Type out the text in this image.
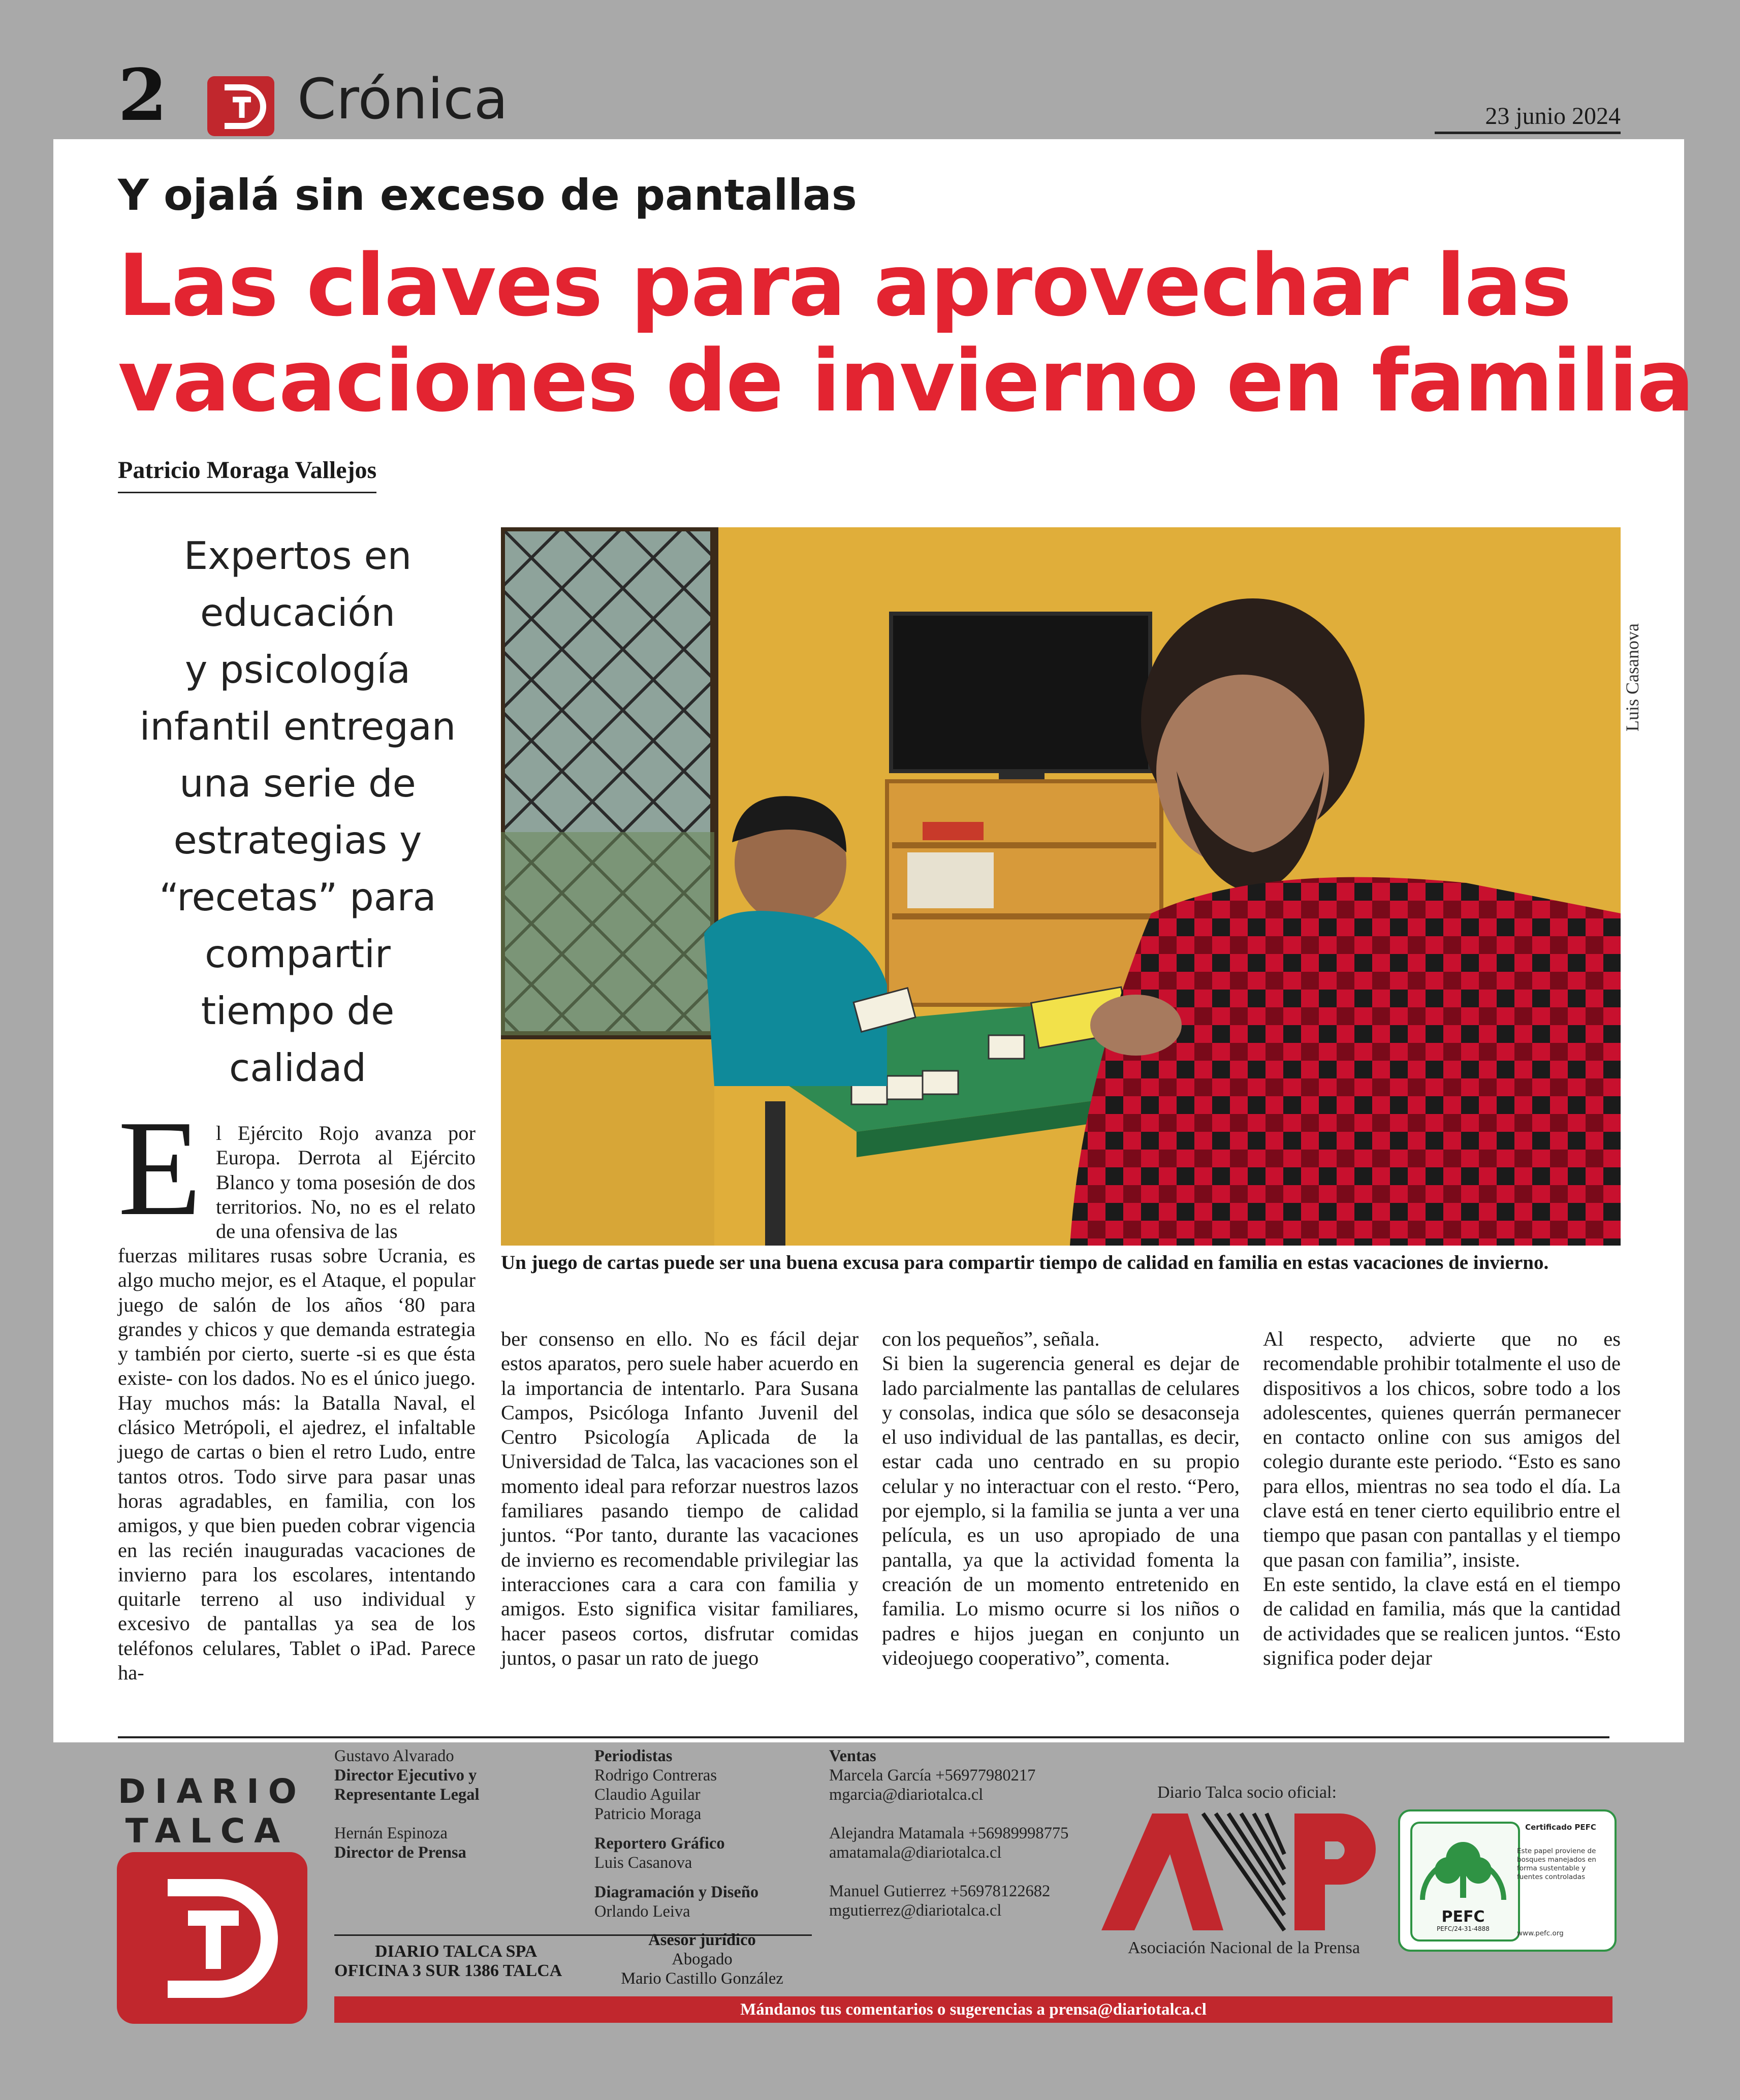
2 Crónica	23 junio 2024
Y ojalá sin exceso de pantallas
Las claves para aprovechar las
vacaciones de invierno en familia
Patricio Moraga Vallejos
Expertos en
educación
y psicología
infantil entregan
una serie de
estrategias y
“recetas” para
compartir
tiempo de
calidad
Luis Casanova
Un juego de cartas puede ser una buena excusa para compartir tiempo de calidad en familia en estas vacaciones de invierno.
E l Ejército Rojo avanza por Europa. Derrota al Ejército Blanco y toma posesión de dos territorios. No, no es el relato de una ofensiva de las

fuerzas militares rusas sobre Ucrania, es algo mucho mejor, es el Ataque, el popular juego de salón de los años ‘80 para grandes y chicos y que demanda estrategia y también por cierto, suerte -si es que ésta existe- con los dados. No es el único juego. Hay muchos más: la Batalla Naval, el clásico Metrópoli, el ajedrez, el infaltable juego de cartas o bien el retro Ludo, entre tantos otros. Todo sirve para pasar unas horas agradables, en familia, con los amigos, y que bien pueden cobrar vigencia en las recién inauguradas vacaciones de invierno para los escolares, intentando quitarle terreno al uso individual y excesivo de pantallas ya sea de los teléfonos celulares, Tablet o iPad. Parece ha-

ber consenso en ello. No es fácil dejar estos aparatos, pero suele haber acuerdo en la importancia de intentarlo. Para Susana Campos, Psicóloga Infanto Juvenil del Centro Psicología Aplicada de la Universidad de Talca, las vacaciones son el momento ideal para reforzar nuestros lazos familiares pasando tiempo de calidad juntos. “Por tanto, durante las vacaciones de invierno es recomendable privilegiar las interacciones cara a cara con familia y amigos. Esto significa visitar familiares, hacer paseos cortos, disfrutar comidas juntos, o pasar un rato de juego

con los pequeños”, señala.

Si bien la sugerencia general es dejar de lado parcialmente las pantallas de celulares y consolas, indica que sólo se desaconseja el uso individual de las pantallas, es decir, estar cada uno centrado en su propio celular y no interactuar con el resto. “Pero, por ejemplo, si la familia se junta a ver una película, es un uso apropiado de una pantalla, ya que la actividad fomenta la creación de un momento entretenido en familia. Lo mismo ocurre si los niños o padres e hijos juegan en conjunto un videojuego cooperativo”, comenta.

Al respecto, advierte que no es recomendable prohibir totalmente el uso de dispositivos a los chicos, sobre todo a los adolescentes, quienes querrán permanecer en contacto online con sus amigos del colegio durante este periodo. “Esto es sano para ellos, mientras no sea todo el día. La clave está en tener cierto equilibrio entre el tiempo que pasan con pantallas y el tiempo que pasan con familia”, insiste.

En este sentido, la clave está en el tiempo de calidad en familia, más que la cantidad de actividades que se realicen juntos. “Esto significa poder dejar

DIARIO
TALCA
Gustavo Alvarado
Director Ejecutivo y
Representante Legal
Hernán Espinoza
Director de Prensa
Periodistas
Rodrigo Contreras
Claudio Aguilar
Patricio Moraga
Reportero Gráfico
Luis Casanova
Diagramación y Diseño
Orlando Leiva
DIARIO TALCA SPA
OFICINA 3 SUR 1386 TALCA
Asesor jurídico
Abogado
Mario Castillo González
Ventas
Marcela García +56977980217
mgarcia@diariotalca.cl
Alejandra Matamala +56989998775
amatamala@diariotalca.cl
Manuel Gutierrez +56978122682
mgutierrez@diariotalca.cl
Diario Talca socio oficial:
Asociación Nacional de la Prensa
PEFC
PEFC/24-31-4888
Certificado PEFC
Este papel proviene de bosques manejados en forma sustentable y fuentes controladas
www.pefc.org
Mándanos tus comentarios o sugerencias a prensa@diariotalca.cl
